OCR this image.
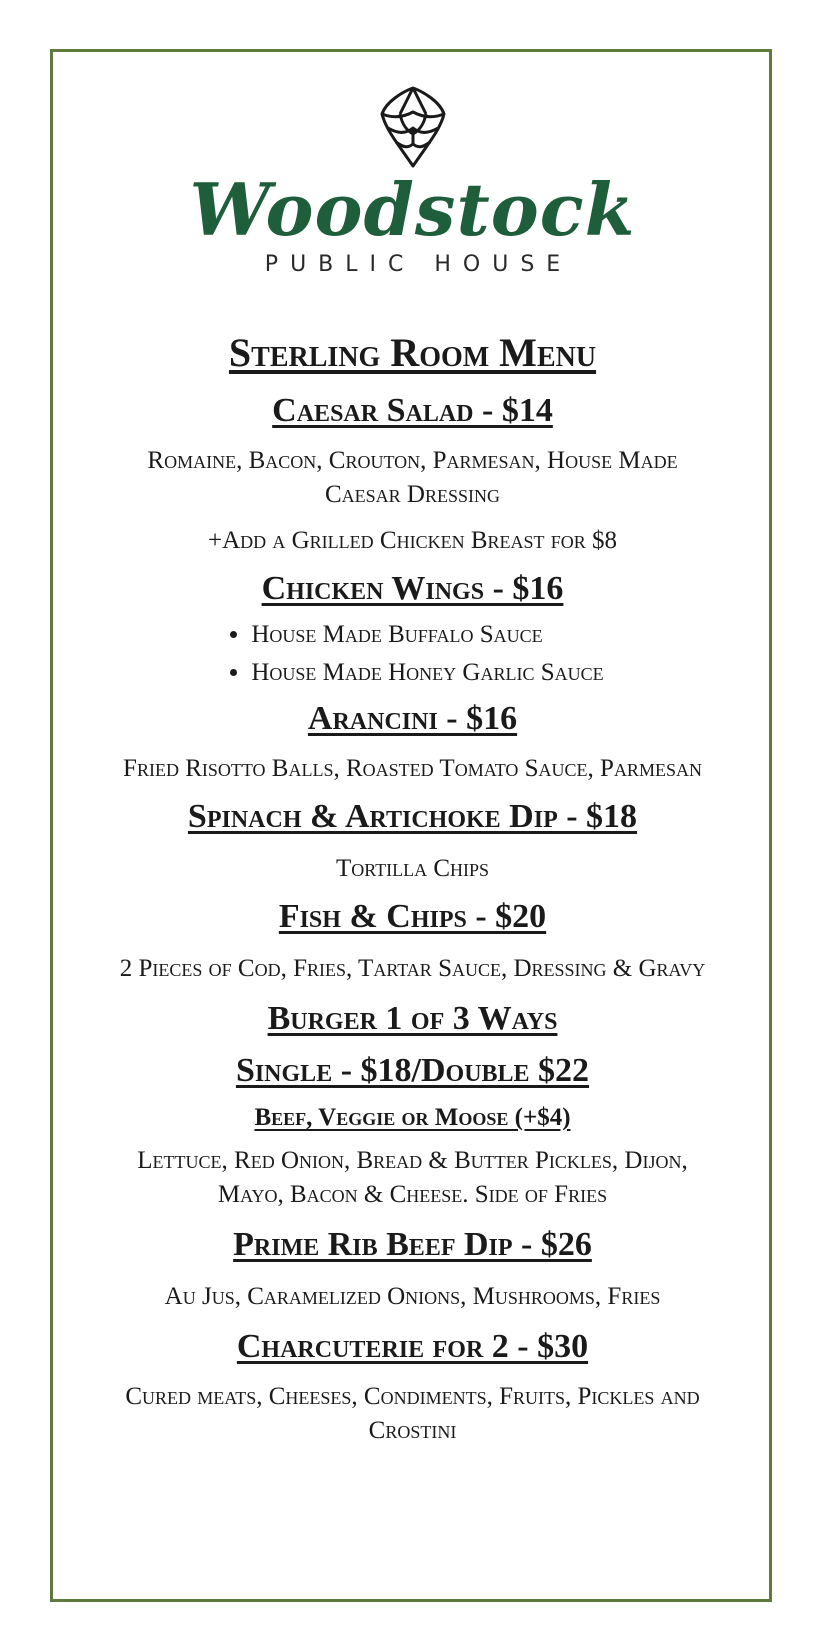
Woodstock
PUBLIC HOUSE

Sterling Room Menu

Caesar Salad - $14

Romaine, Bacon, Crouton, Parmesan, House Made

Caesar Dressing

+Add a Grilled Chicken Breast for $8

Chicken Wings - $16

• House Made Buffalo Sauce
• House Made Honey Garlic Sauce

Arancini - $16

Fried Risotto Balls, Roasted Tomato Sauce, Parmesan

Spinach & Artichoke Dip - $18

Tortilla Chips

Fish & Chips - $20

2 Pieces of Cod, Fries, Tartar Sauce, Dressing & Gravy

Burger 1 of 3 Ways

Single - $18/Double $22

Beef, Veggie or Moose (+$4)

Lettuce, Red Onion, Bread & Butter Pickles, Dijon,

Mayo, Bacon & Cheese. Side of Fries

Prime Rib Beef Dip - $26

Au Jus, Caramelized Onions, Mushrooms, Fries

Charcuterie for 2 - $30

Cured meats, Cheeses, Condiments, Fruits, Pickles and

Crostini
